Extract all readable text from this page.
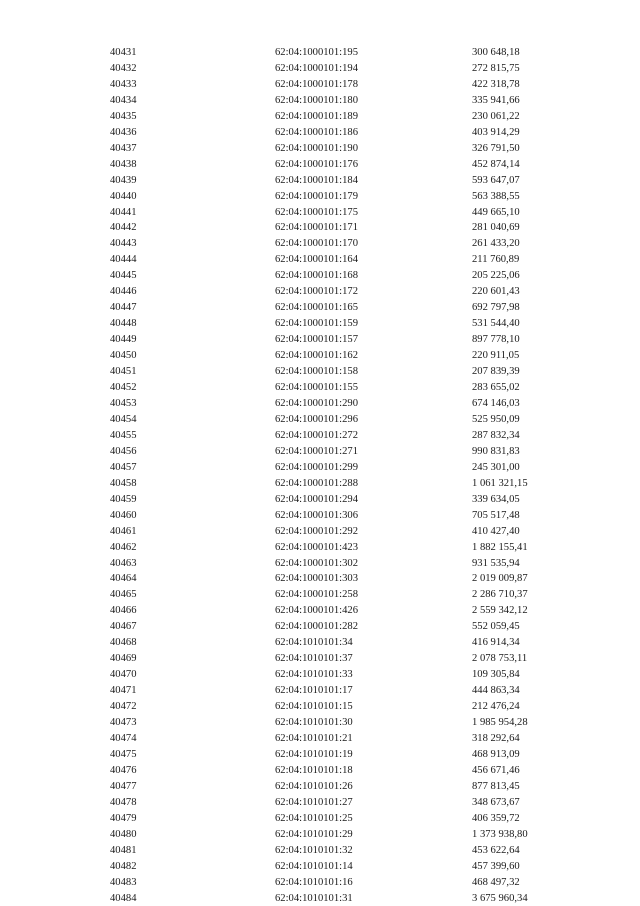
40431	62:04:1000101:195	300 648,18
40432	62:04:1000101:194	272 815,75
40433	62:04:1000101:178	422 318,78
40434	62:04:1000101:180	335 941,66
40435	62:04:1000101:189	230 061,22
40436	62:04:1000101:186	403 914,29
40437	62:04:1000101:190	326 791,50
40438	62:04:1000101:176	452 874,14
40439	62:04:1000101:184	593 647,07
40440	62:04:1000101:179	563 388,55
40441	62:04:1000101:175	449 665,10
40442	62:04:1000101:171	281 040,69
40443	62:04:1000101:170	261 433,20
40444	62:04:1000101:164	211 760,89
40445	62:04:1000101:168	205 225,06
40446	62:04:1000101:172	220 601,43
40447	62:04:1000101:165	692 797,98
40448	62:04:1000101:159	531 544,40
40449	62:04:1000101:157	897 778,10
40450	62:04:1000101:162	220 911,05
40451	62:04:1000101:158	207 839,39
40452	62:04:1000101:155	283 655,02
40453	62:04:1000101:290	674 146,03
40454	62:04:1000101:296	525 950,09
40455	62:04:1000101:272	287 832,34
40456	62:04:1000101:271	990 831,83
40457	62:04:1000101:299	245 301,00
40458	62:04:1000101:288	1 061 321,15
40459	62:04:1000101:294	339 634,05
40460	62:04:1000101:306	705 517,48
40461	62:04:1000101:292	410 427,40
40462	62:04:1000101:423	1 882 155,41
40463	62:04:1000101:302	931 535,94
40464	62:04:1000101:303	2 019 009,87
40465	62:04:1000101:258	2 286 710,37
40466	62:04:1000101:426	2 559 342,12
40467	62:04:1000101:282	552 059,45
40468	62:04:1010101:34	416 914,34
40469	62:04:1010101:37	2 078 753,11
40470	62:04:1010101:33	109 305,84
40471	62:04:1010101:17	444 863,34
40472	62:04:1010101:15	212 476,24
40473	62:04:1010101:30	1 985 954,28
40474	62:04:1010101:21	318 292,64
40475	62:04:1010101:19	468 913,09
40476	62:04:1010101:18	456 671,46
40477	62:04:1010101:26	877 813,45
40478	62:04:1010101:27	348 673,67
40479	62:04:1010101:25	406 359,72
40480	62:04:1010101:29	1 373 938,80
40481	62:04:1010101:32	453 622,64
40482	62:04:1010101:14	457 399,60
40483	62:04:1010101:16	468 497,32
40484	62:04:1010101:31	3 675 960,34
